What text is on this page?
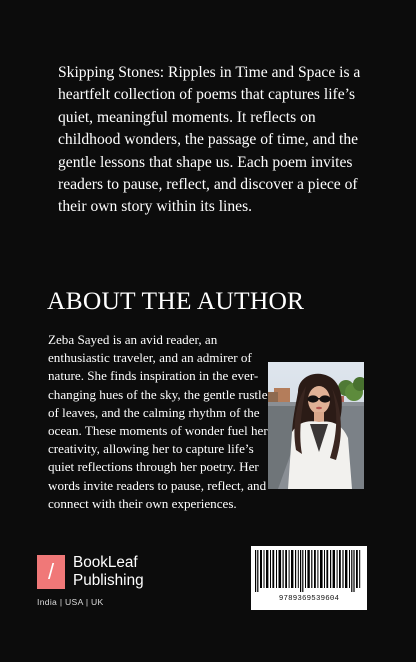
Skipping Stones: Ripples in Time and Space is a heartfelt collection of poems that captures life’s quiet, meaningful moments. It reflects on childhood wonders, the passage of time, and the gentle lessons that shape us. Each poem invites readers to pause, reflect, and discover a piece of their own story within its lines.
ABOUT THE AUTHOR
Zeba Sayed is an avid reader, an enthusiastic traveler, and an admirer of nature. She finds inspiration in the ever-changing hues of the sky, the gentle rustle of leaves, and the calming rhythm of the ocean. These moments of wonder fuel her creativity, allowing her to capture life’s quiet reflections through her poetry. Her words invite readers to pause, reflect, and connect with their own experiences.
/	BookLeaf
Publishing
India | USA | UK	9789369539604
